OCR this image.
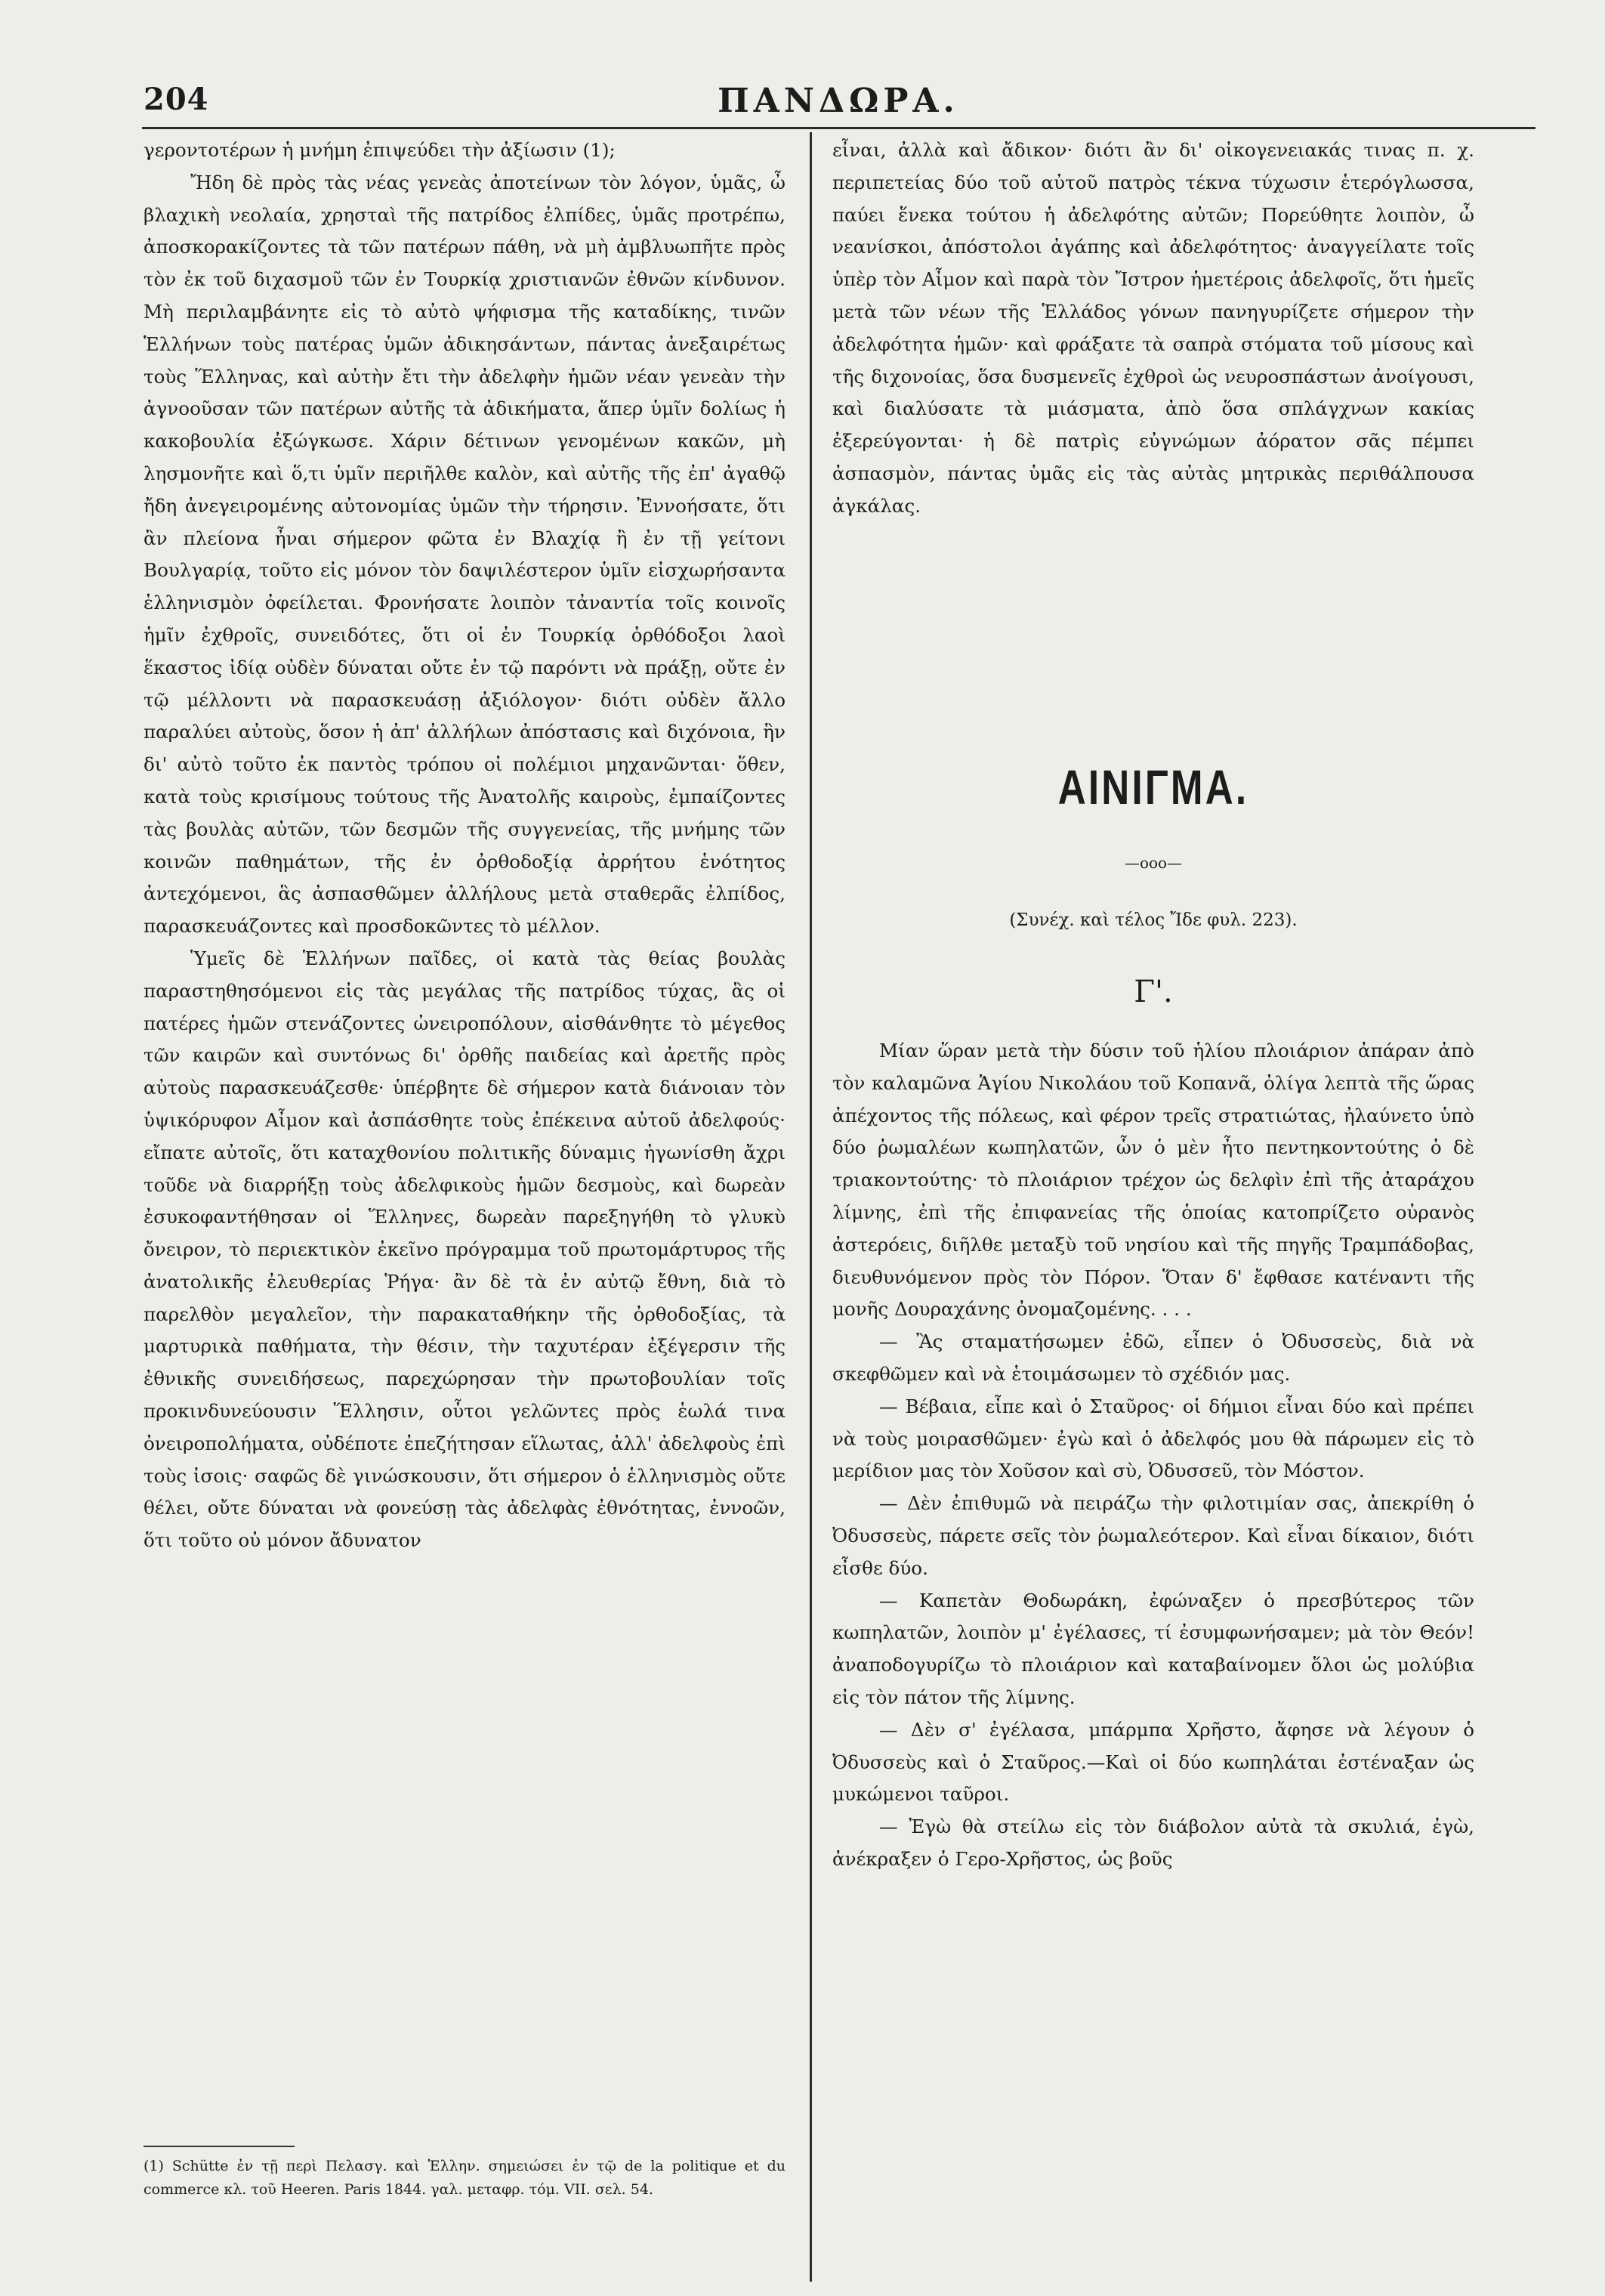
204	ΠΑΝΔΩΡΑ.

γεροντοτέρων ἡ μνήμη ἐπιψεύδει τὴν ἀξίωσιν (1);

Ἤδη δὲ πρὸς τὰς νέας γενεὰς ἀποτείνων τὸν λόγον, ὑμᾶς, ὦ βλαχικὴ νεολαία, χρησταὶ τῆς πατρίδος ἐλπίδες, ὑμᾶς προτρέπω, ἀποσκορακίζοντες τὰ τῶν πατέρων πάθη, νὰ μὴ ἀμβλυωπῆτε πρὸς τὸν ἐκ τοῦ διχασμοῦ τῶν ἐν Τουρκίᾳ χριστιανῶν ἐθνῶν κίνδυνον. Μὴ περιλαμβάνητε εἰς τὸ αὐτὸ ψήφισμα τῆς καταδίκης, τινῶν Ἑλλήνων τοὺς πατέρας ὑμῶν ἀδικησάντων, πάντας ἀνεξαιρέτως τοὺς Ἕλληνας, καὶ αὐτὴν ἔτι τὴν ἀδελφὴν ἡμῶν νέαν γενεὰν τὴν ἀγνοοῦσαν τῶν πατέρων αὐτῆς τὰ ἀδικήματα, ἅπερ ὑμῖν δολίως ἡ κακοβουλία ἐξώγκωσε. Χάριν δέτινων γενομένων κακῶν, μὴ λησμονῆτε καὶ ὅ,τι ὑμῖν περιῆλθε καλὸν, καὶ αὐτῆς τῆς ἐπ' ἀγαθῷ ἤδη ἀνεγειρομένης αὐτονομίας ὑμῶν τὴν τήρησιν. Ἐννοήσατε, ὅτι ἂν πλείονα ἦναι σήμερον φῶτα ἐν Βλαχίᾳ ἢ ἐν τῇ γείτονι Βουλγαρίᾳ, τοῦτο εἰς μόνον τὸν δαψιλέστερον ὑμῖν εἰσχωρήσαντα ἑλληνισμὸν ὀφείλεται. Φρονήσατε λοιπὸν τἀναντία τοῖς κοινοῖς ἡμῖν ἐχθροῖς, συνειδότες, ὅτι οἱ ἐν Τουρκίᾳ ὀρθόδοξοι λαοὶ ἕκαστος ἰδίᾳ οὐδὲν δύναται οὔτε ἐν τῷ παρόντι νὰ πράξῃ, οὔτε ἐν τῷ μέλλοντι νὰ παρασκευάσῃ ἀξιόλογον· διότι οὐδὲν ἄλλο παραλύει αὐτοὺς, ὅσον ἡ ἀπ' ἀλλήλων ἀπόστασις καὶ διχόνοια, ἣν δι' αὐτὸ τοῦτο ἐκ παντὸς τρόπου οἱ πολέμιοι μηχανῶνται· ὅθεν, κατὰ τοὺς κρισίμους τούτους τῆς Ἀνατολῆς καιροὺς, ἐμπαίζοντες τὰς βουλὰς αὐτῶν, τῶν δεσμῶν τῆς συγγενείας, τῆς μνήμης τῶν κοινῶν παθημάτων, τῆς ἐν ὀρθοδοξίᾳ ἀρρήτου ἑνότητος ἀντεχόμενοι, ἃς ἀσπασθῶμεν ἀλλήλους μετὰ σταθερᾶς ἐλπίδος, παρασκευάζοντες καὶ προσδοκῶντες τὸ μέλλον.

Ὑμεῖς δὲ Ἑλλήνων παῖδες, οἱ κατὰ τὰς θείας βουλὰς παραστηθησόμενοι εἰς τὰς μεγάλας τῆς πατρίδος τύχας, ἃς οἱ πατέρες ἡμῶν στενάζοντες ὠνειροπόλουν, αἰσθάνθητε τὸ μέγεθος τῶν καιρῶν καὶ συντόνως δι' ὀρθῆς παιδείας καὶ ἀρετῆς πρὸς αὐτοὺς παρασκευάζεσθε· ὑπέρβητε δὲ σήμερον κατὰ διάνοιαν τὸν ὑψικόρυφον Αἶμον καὶ ἀσπάσθητε τοὺς ἐπέκεινα αὐτοῦ ἀδελφούς· εἴπατε αὐτοῖς, ὅτι καταχθονίου πολιτικῆς δύναμις ἠγωνίσθη ἄχρι τοῦδε νὰ διαρρήξῃ τοὺς ἀδελφικοὺς ἡμῶν δεσμοὺς, καὶ δωρεὰν ἐσυκοφαντήθησαν οἱ Ἕλληνες, δωρεὰν παρεξηγήθη τὸ γλυκὺ ὄνειρον, τὸ περιεκτικὸν ἐκεῖνο πρόγραμμα τοῦ πρωτομάρτυρος τῆς ἀνατολικῆς ἐλευθερίας Ῥήγα· ἂν δὲ τὰ ἐν αὐτῷ ἔθνη, διὰ τὸ παρελθὸν μεγαλεῖον, τὴν παρακαταθήκην τῆς ὀρθοδοξίας, τὰ μαρτυρικὰ παθήματα, τὴν θέσιν, τὴν ταχυτέραν ἐξέγερσιν τῆς ἐθνικῆς συνειδήσεως, παρεχώρησαν τὴν πρωτοβουλίαν τοῖς προκινδυνεύουσιν Ἕλλησιν, οὗτοι γελῶντες πρὸς ἑωλά τινα ὀνειροπολήματα, οὐδέποτε ἐπεζήτησαν εἵλωτας, ἀλλ' ἀδελφοὺς ἐπὶ τοὺς ἰσοις· σαφῶς δὲ γινώσκουσιν, ὅτι σήμερον ὁ ἑλληνισμὸς οὔτε θέλει, οὔτε δύναται νὰ φονεύσῃ τὰς ἀδελφὰς ἐθνότητας, ἐννοῶν, ὅτι τοῦτο οὐ μόνον ἄδυνατον

(1) Schütte ἐν τῇ περὶ Πελασγ. καὶ Ἑλλην. σημειώσει ἐν τῷ de la politique et du commerce κλ. τοῦ Heeren. Paris 1844. γαλ. μεταφρ. τόμ. VII. σελ. 54.

εἶναι, ἀλλὰ καὶ ἄδικον· διότι ἂν δι' οἰκογενειακάς τινας π. χ. περιπετείας δύο τοῦ αὐτοῦ πατρὸς τέκνα τύχωσιν ἑτερόγλωσσα, παύει ἕνεκα τούτου ἡ ἀδελφότης αὐτῶν; Πορεύθητε λοιπὸν, ὦ νεανίσκοι, ἀπόστολοι ἀγάπης καὶ ἀδελφότητος· ἀναγγείλατε τοῖς ὑπὲρ τὸν Αἶμον καὶ παρὰ τὸν Ἴστρον ἡμετέροις ἀδελφοῖς, ὅτι ἡμεῖς μετὰ τῶν νέων τῆς Ἑλλάδος γόνων πανηγυρίζετε σήμερον τὴν ἀδελφότητα ἡμῶν· καὶ φράξατε τὰ σαπρὰ στόματα τοῦ μίσους καὶ τῆς διχονοίας, ὅσα δυσμενεῖς ἐχθροὶ ὡς νευροσπάστων ἀνοίγουσι, καὶ διαλύσατε τὰ μιάσματα, ἀπὸ ὅσα σπλάγχνων κακίας ἐξερεύγονται· ἡ δὲ πατρὶς εὐγνώμων ἀόρατον σᾶς πέμπει ἀσπασμὸν, πάντας ὑμᾶς εἰς τὰς αὐτὰς μητρικὰς περιθάλπουσα ἀγκάλας.

ΑΙΝΙΓΜΑ.
—ooo—
(Συνέχ. καὶ τέλος Ἴδε φυλ. 223).
Γ'.

Μίαν ὥραν μετὰ τὴν δύσιν τοῦ ἡλίου πλοιάριον ἀπάραν ἀπὸ τὸν καλαμῶνα Ἁγίου Νικολάου τοῦ Κοπανᾶ, ὀλίγα λεπτὰ τῆς ὥρας ἀπέχοντος τῆς πόλεως, καὶ φέρον τρεῖς στρατιώτας, ἠλαύνετο ὑπὸ δύο ῥωμαλέων κωπηλατῶν, ὧν ὁ μὲν ἦτο πεντηκοντούτης ὁ δὲ τριακοντούτης· τὸ πλοιάριον τρέχον ὡς δελφὶν ἐπὶ τῆς ἀταράχου λίμνης, ἐπὶ τῆς ἐπιφανείας τῆς ὁποίας κατοπρίζετο οὐρανὸς ἀστερόεις, διῆλθε μεταξὺ τοῦ νησίου καὶ τῆς πηγῆς Τραμπάδοβας, διευθυνόμενον πρὸς τὸν Πόρον. Ὅταν δ' ἔφθασε κατέναντι τῆς μονῆς Δουραχάνης ὀνομαζομένης. . . .

— Ἂς σταματήσωμεν ἐδῶ, εἶπεν ὁ Ὀδυσσεὺς, διὰ νὰ σκεφθῶμεν καὶ νὰ ἑτοιμάσωμεν τὸ σχέδιόν μας.

— Βέβαια, εἶπε καὶ ὁ Σταῦρος· οἱ δήμιοι εἶναι δύο καὶ πρέπει νὰ τοὺς μοιρασθῶμεν· ἐγὼ καὶ ὁ ἀδελφός μου θὰ πάρωμεν εἰς τὸ μερίδιον μας τὸν Χοῦσον καὶ σὺ, Ὀδυσσεῦ, τὸν Μόστον.

— Δὲν ἐπιθυμῶ νὰ πειράζω τὴν φιλοτιμίαν σας, ἀπεκρίθη ὁ Ὀδυσσεὺς, πάρετε σεῖς τὸν ῥωμαλεότερον. Καὶ εἶναι δίκαιον, διότι εἶσθε δύο.

— Καπετὰν Θοδωράκη, ἐφώναξεν ὁ πρεσβύτερος τῶν κωπηλατῶν, λοιπὸν μ' ἐγέλασες, τί ἐσυμφωνήσαμεν; μὰ τὸν Θεόν! ἀναποδογυρίζω τὸ πλοιάριον καὶ καταβαίνομεν ὅλοι ὡς μολύβια εἰς τὸν πάτον τῆς λίμνης.

— Δὲν σ' ἐγέλασα, μπάρμπα Χρῆστο, ἄφησε νὰ λέγουν ὁ Ὀδυσσεὺς καὶ ὁ Σταῦρος.—Καὶ οἱ δύο κωπηλάται ἐστέναξαν ὡς μυκώμενοι ταῦροι.

— Ἐγὼ θὰ στείλω εἰς τὸν διάβολον αὐτὰ τὰ σκυλιά, ἐγὼ, ἀνέκραξεν ὁ Γερο-Χρῆστος, ὡς βοῦς
